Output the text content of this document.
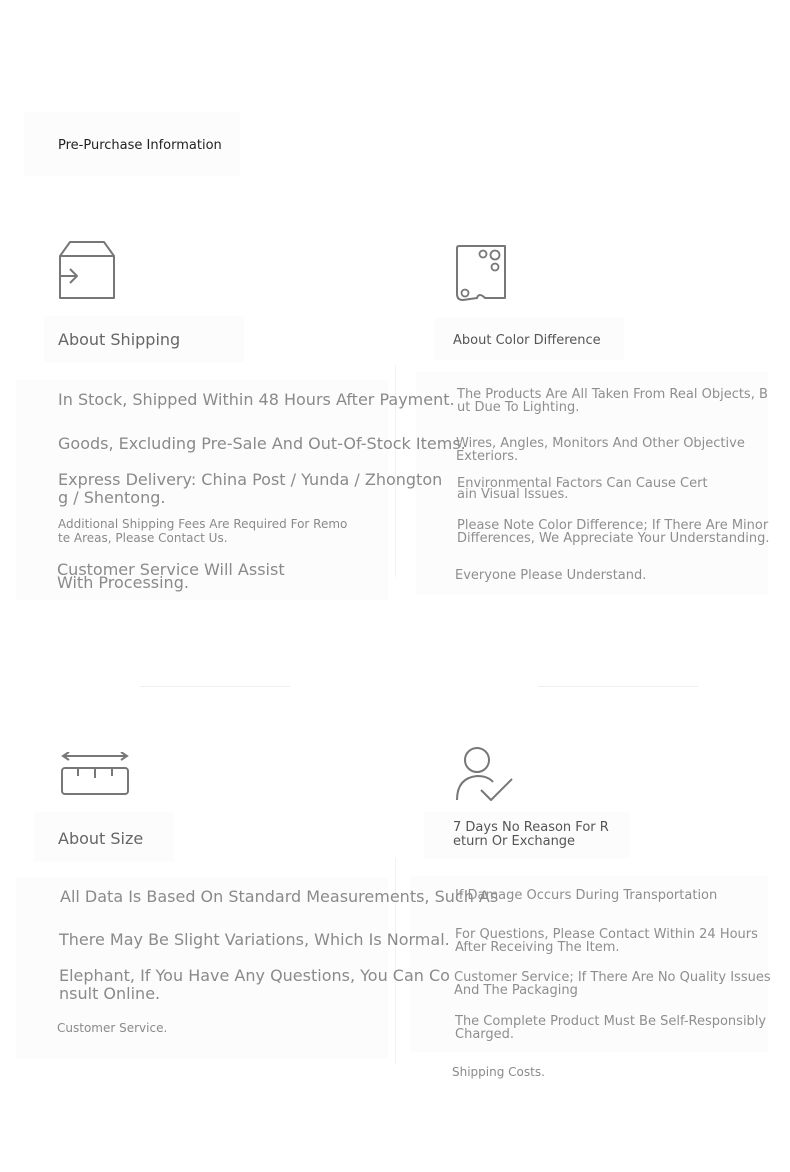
Pre-Purchase Information
About Shipping
In Stock, Shipped Within 48 Hours After Payment.
Goods, Excluding Pre-Sale And Out-Of-Stock Items.
Express Delivery: China Post / Yunda / Zhongton
g / Shentong.
Additional Shipping Fees Are Required For Remo
te Areas, Please Contact Us.
Customer Service Will Assist
With Processing.
About Color Difference
The Products Are All Taken From Real Objects, B
ut Due To Lighting.
Wires, Angles, Monitors And Other Objective Exteriors.
Environmental Factors Can Cause Cert
ain Visual Issues.
Please Note Color Difference; If There Are Minor
Differences, We Appreciate Your Understanding.
Everyone Please Understand.
About Size
All Data Is Based On Standard Measurements, Such As
There May Be Slight Variations, Which Is Normal.
Elephant, If You Have Any Questions, You Can Co
nsult Online.
Customer Service.
7 Days No Reason For R
eturn Or Exchange
If Damage Occurs During Transportation
For Questions, Please Contact Within 24 Hours
After Receiving The Item.
Customer Service; If There Are No Quality Issues
And The Packaging
The Complete Product Must Be Self-Responsibly
Charged.
Shipping Costs.
